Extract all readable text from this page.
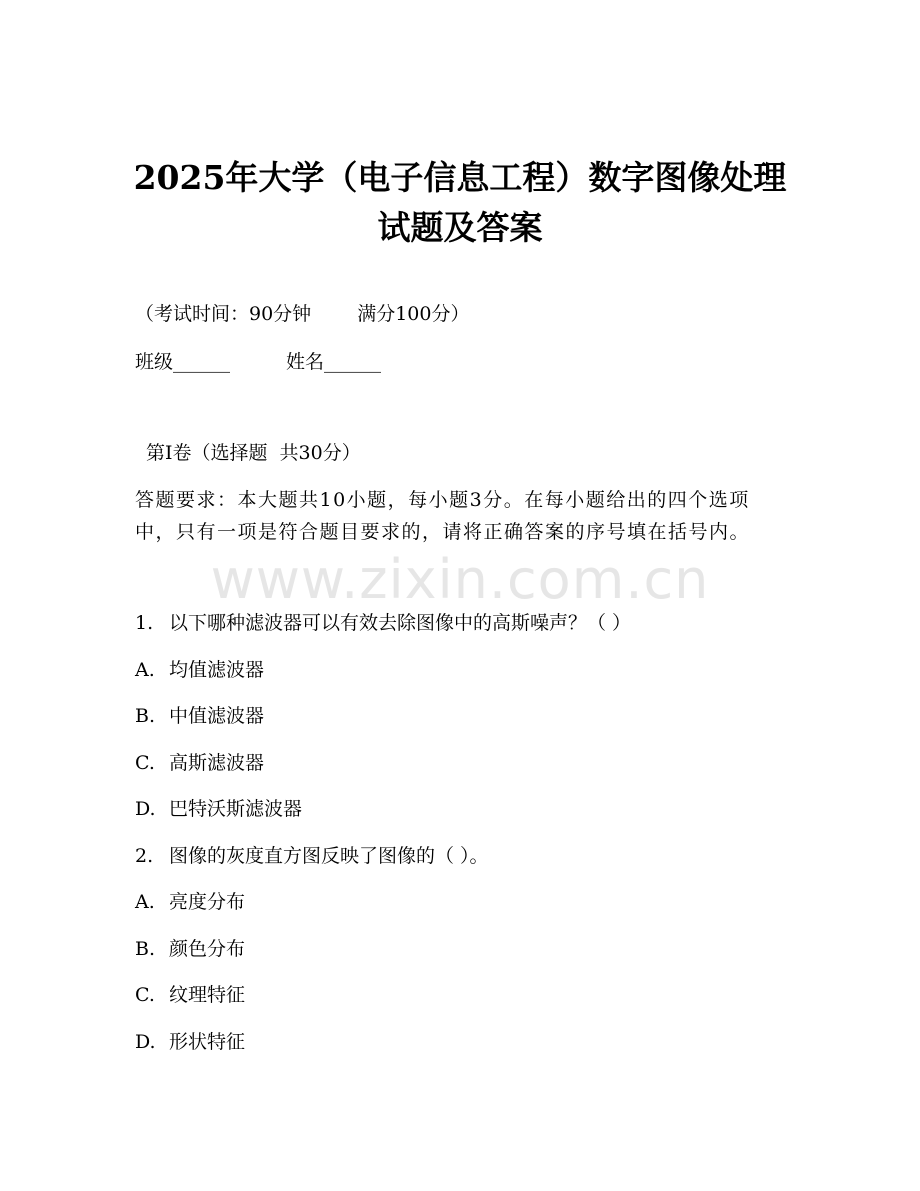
2025年大学（电子信息工程）数字图像处理
试题及答案

（考试时间：90分钟 满分100分）

班级______	姓名______

第Ⅰ卷（选择题 共30分）

答题要求：本大题共10小题，每小题3分。在每小题给出的四个选项

中，只有一项是符合题目要求的，请将正确答案的序号填在括号内。

www.zixin.com.cn

1. 以下哪种滤波器可以有效去除图像中的高斯噪声？（ ）

A. 均值滤波器

B. 中值滤波器

C. 高斯滤波器

D. 巴特沃斯滤波器

2. 图像的灰度直方图反映了图像的（ ）。

A. 亮度分布

B. 颜色分布

C. 纹理特征

D. 形状特征
